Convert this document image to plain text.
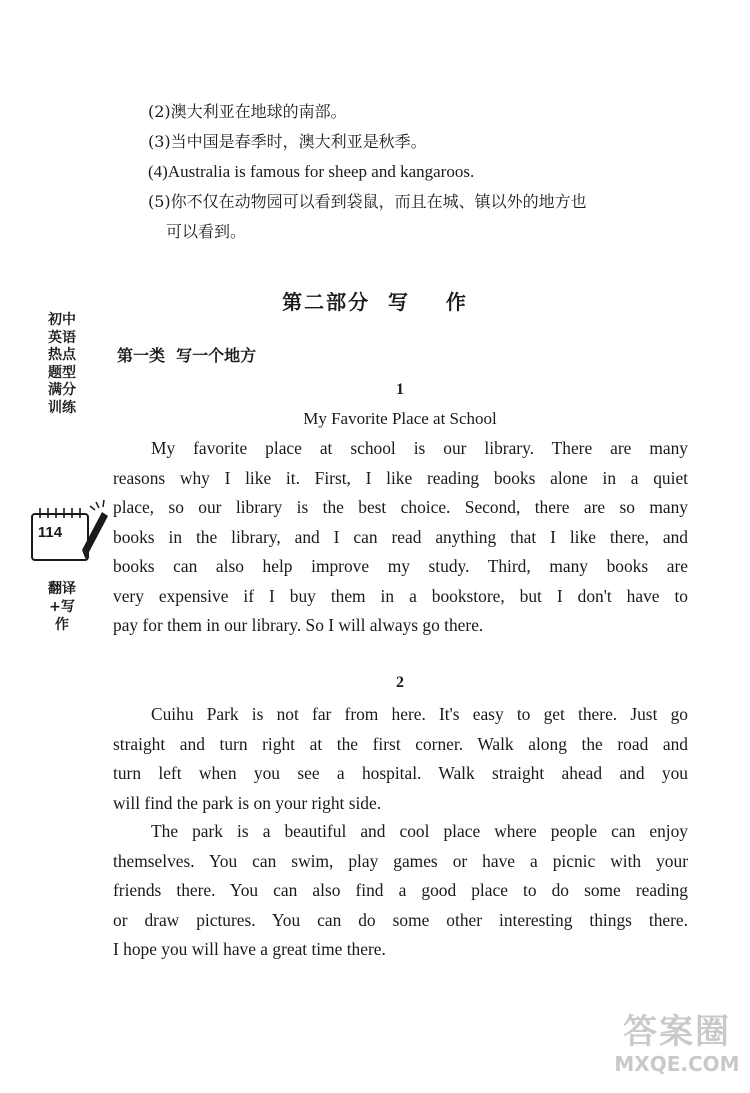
(2)澳大利亚在地球的南部。
(3)当中国是春季时，澳大利亚是秋季。
(4)Australia is famous for sheep and kangaroos.
(5)你不仅在动物园可以看到袋鼠，而且在城、镇以外的地方也
可以看到。
第二部分  写    作
第一类  写一个地方
1
My Favorite Place at School
My favorite place at school is our library. There are many
reasons why I like it. First, I like reading books alone in a quiet
place, so our library is the best choice. Second, there are so many
books in the library, and I can read anything that I like there, and
books can also help improve my study. Third, many books are
very expensive if I buy them in a bookstore, but I don't have to
pay for them in our library. So I will always go there.
2
Cuihu Park is not far from here. It's easy to get there. Just go
straight and turn right at the first corner. Walk along the road and
turn left when you see a hospital. Walk straight ahead and you
will find the park is on your right side.
The park is a beautiful and cool place where people can enjoy
themselves. You can swim, play games or have a picnic with your
friends there. You can also find a good place to do some reading
or draw pictures. You can do some other interesting things there.
I hope you will have a great time there.
初中英语热点题型满分训练
114
翻译+写作
答案圈
MXQE.COM
